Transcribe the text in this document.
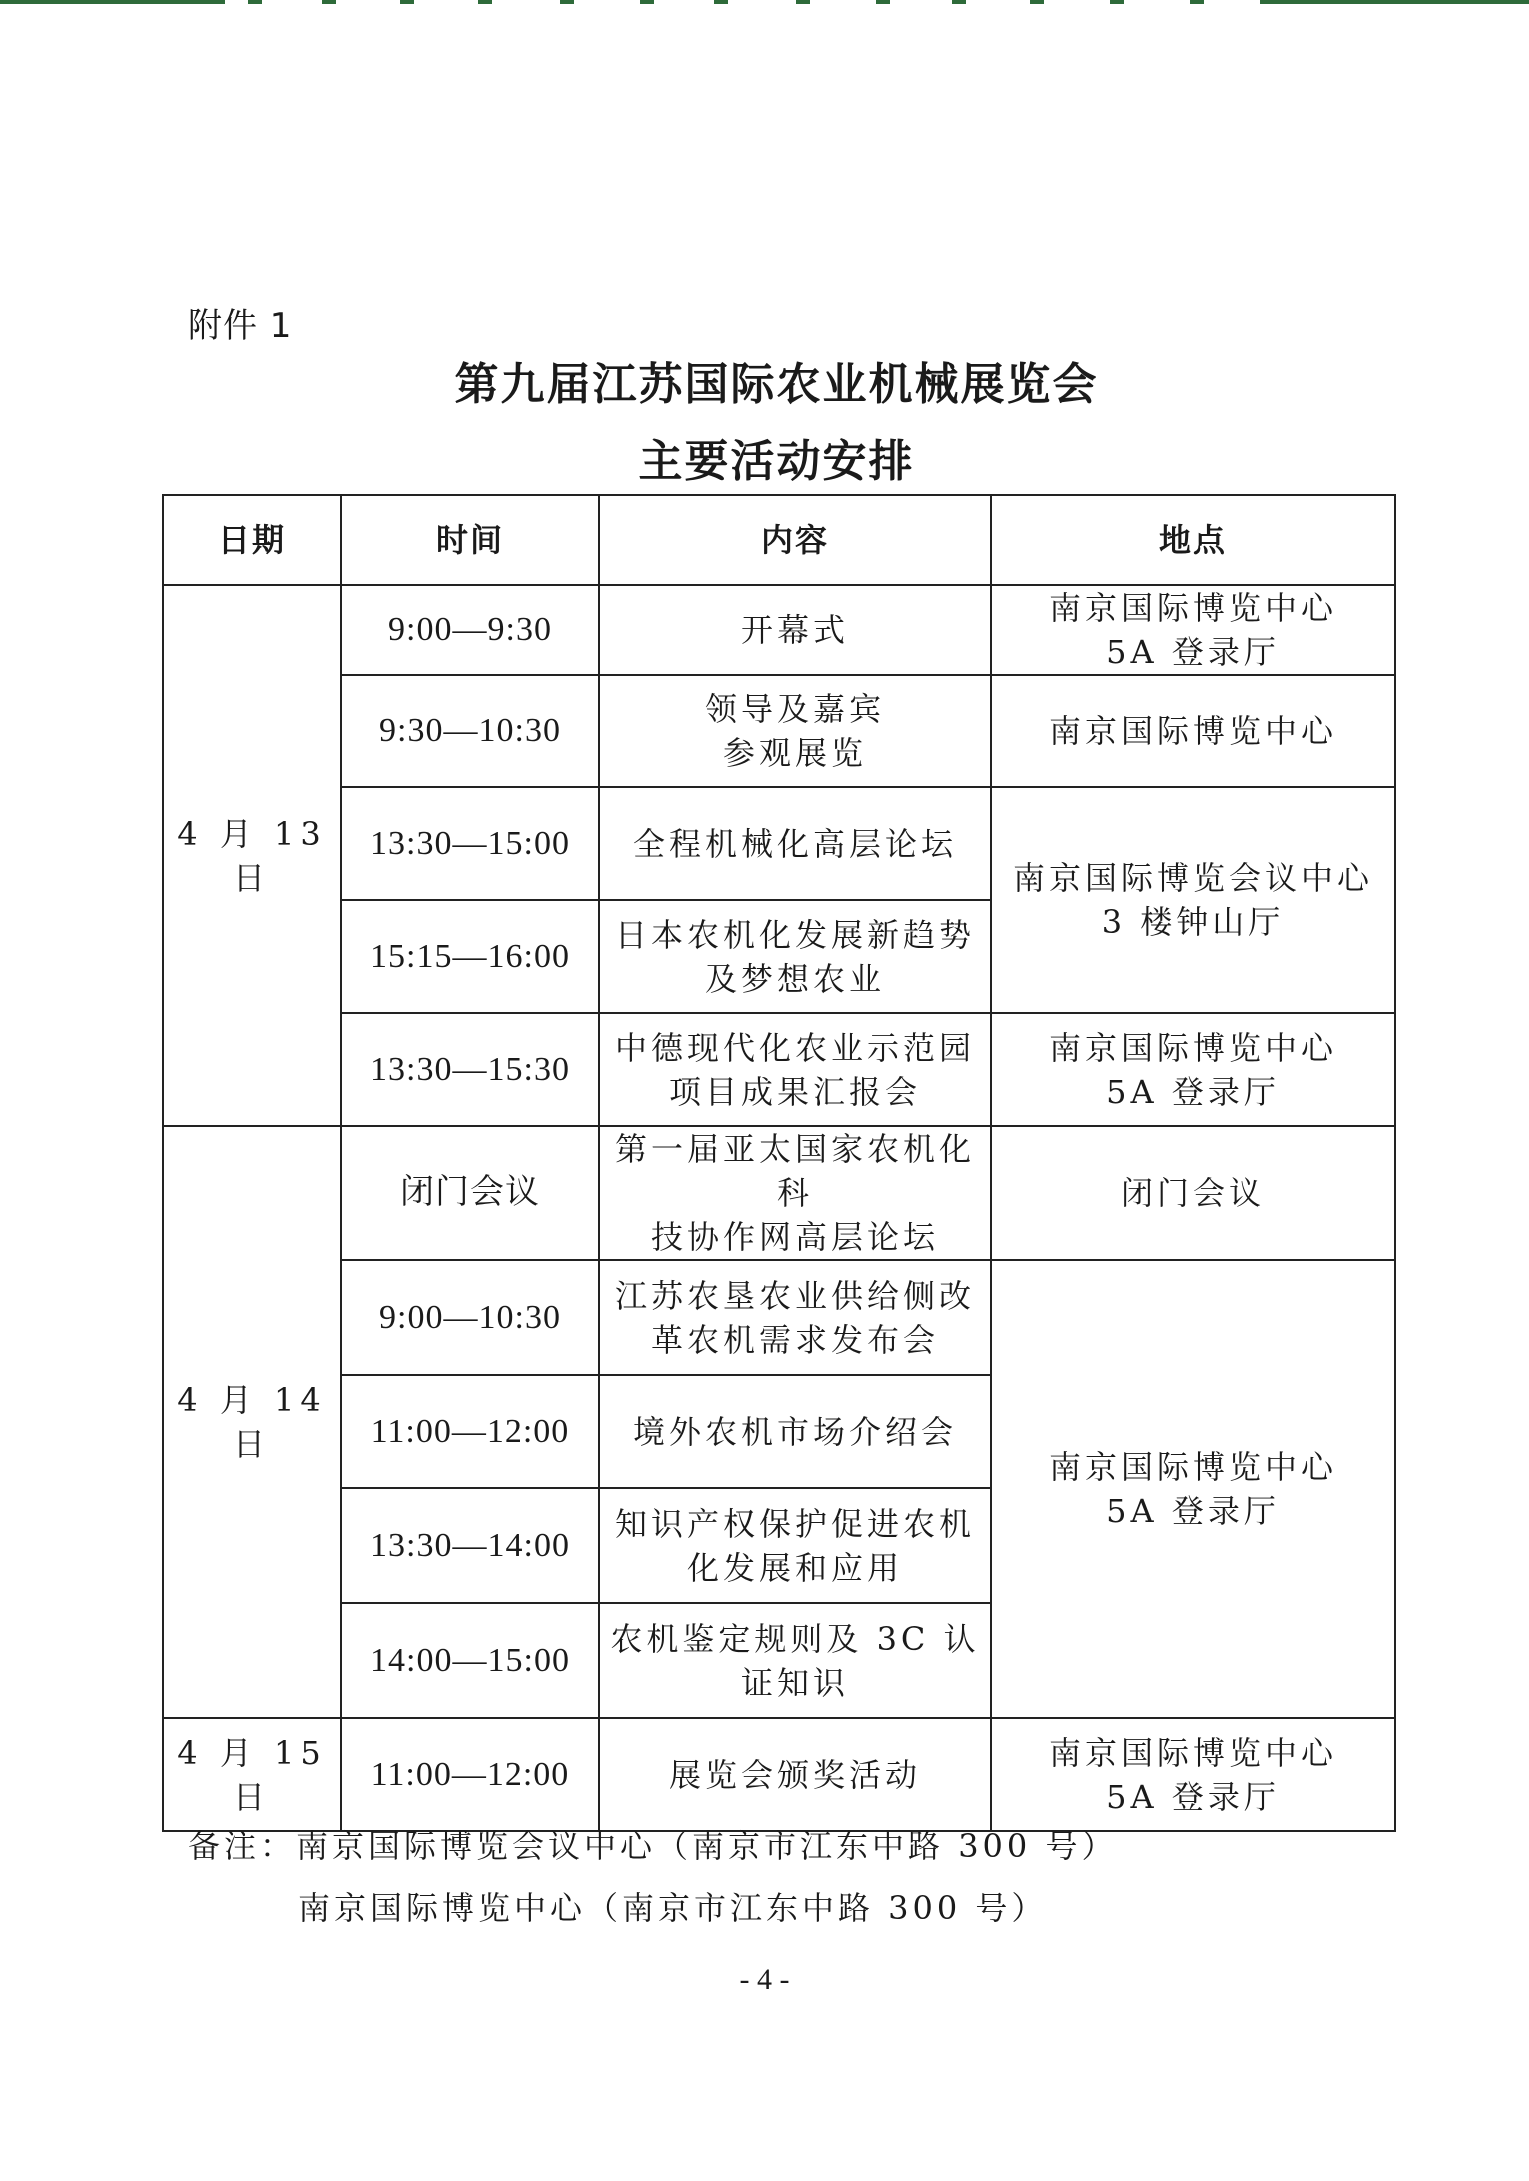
附件 1
第九届江苏国际农业机械展览会
主要活动安排
日期	时间	内容	地点
4 月 13 日	9:00—9:30	开幕式	南京国际博览中心
5A 登录厅
	9:30—10:30	领导及嘉宾
参观展览	南京国际博览中心
	13:30—15:00	全程机械化高层论坛	南京国际博览会议中心
3 楼钟山厅
	15:15—16:00	日本农机化发展新趋势
及梦想农业	
	13:30—15:30	中德现代化农业示范园
项目成果汇报会	南京国际博览中心
5A 登录厅
4 月 14 日	闭门会议	第一届亚太国家农机化科
技协作网高层论坛	闭门会议
	9:00—10:30	江苏农垦农业供给侧改
革农机需求发布会	南京国际博览中心
5A 登录厅
	11:00—12:00	境外农机市场介绍会	
	13:30—14:00	知识产权保护促进农机
化发展和应用	
	14:00—15:00	农机鉴定规则及 3C 认
证知识	
4 月 15 日	11:00—12:00	展览会颁奖活动	南京国际博览中心
5A 登录厅
备注：南京国际博览会议中心（南京市江东中路 300 号）
南京国际博览中心（南京市江东中路 300 号）
- 4 -
